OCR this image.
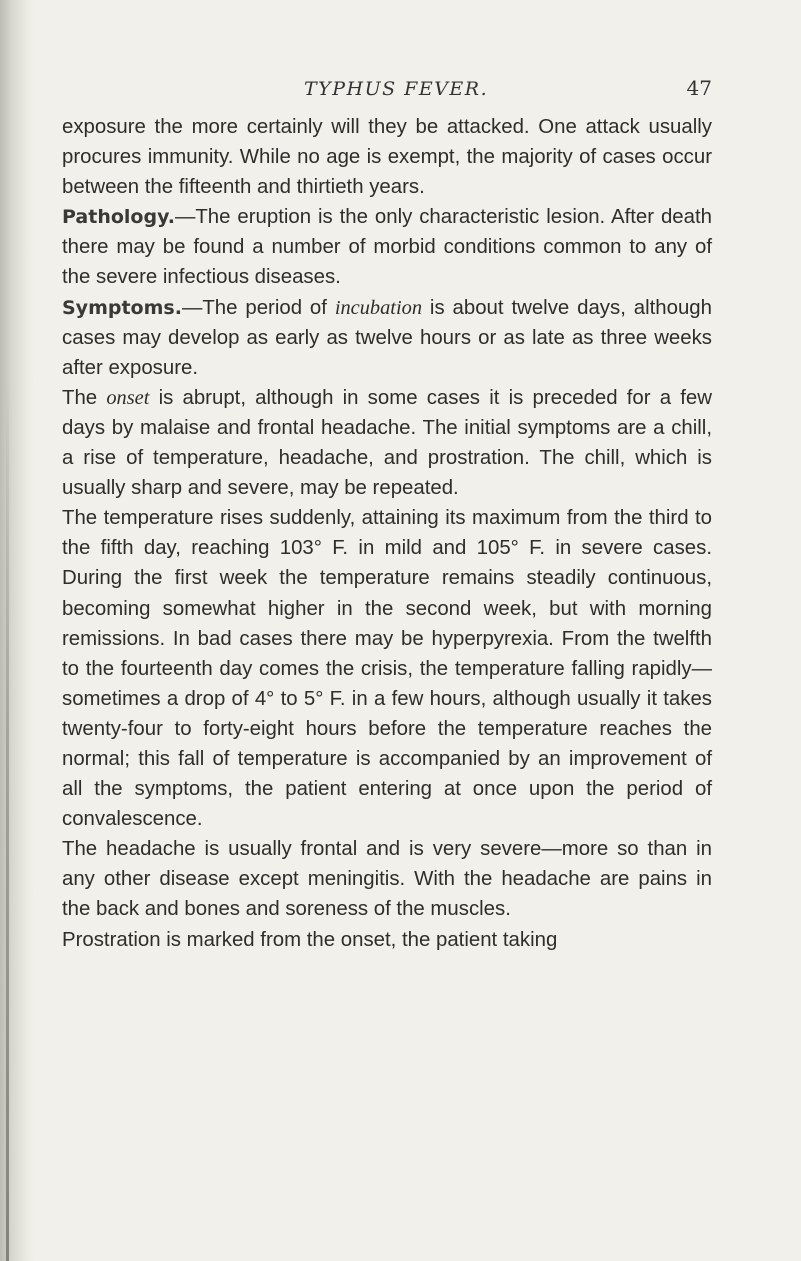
TYPHUS FEVER.	47

exposure the more certainly will they be attacked. One attack usually procures immunity. While no age is exempt, the majority of cases occur between the fifteenth and thirtieth years.

Pathology.—The eruption is the only characteristic lesion. After death there may be found a number of morbid conditions common to any of the severe infectious diseases.

Symptoms.—The period of incubation is about twelve days, although cases may develop as early as twelve hours or as late as three weeks after exposure.

The onset is abrupt, although in some cases it is preceded for a few days by malaise and frontal headache. The initial symptoms are a chill, a rise of temperature, headache, and prostration. The chill, which is usually sharp and severe, may be repeated.

The temperature rises suddenly, attaining its maximum from the third to the fifth day, reaching 103° F. in mild and 105° F. in severe cases. During the first week the temperature remains steadily continuous, becoming somewhat higher in the second week, but with morning remissions. In bad cases there may be hyperpyrexia. From the twelfth to the fourteenth day comes the crisis, the temperature falling rapidly—sometimes a drop of 4° to 5° F. in a few hours, although usually it takes twenty-four to forty-eight hours before the temperature reaches the normal; this fall of temperature is accompanied by an improvement of all the symptoms, the patient entering at once upon the period of convalescence.

The headache is usually frontal and is very severe—more so than in any other disease except meningitis. With the headache are pains in the back and bones and soreness of the muscles.

Prostration is marked from the onset, the patient taking
